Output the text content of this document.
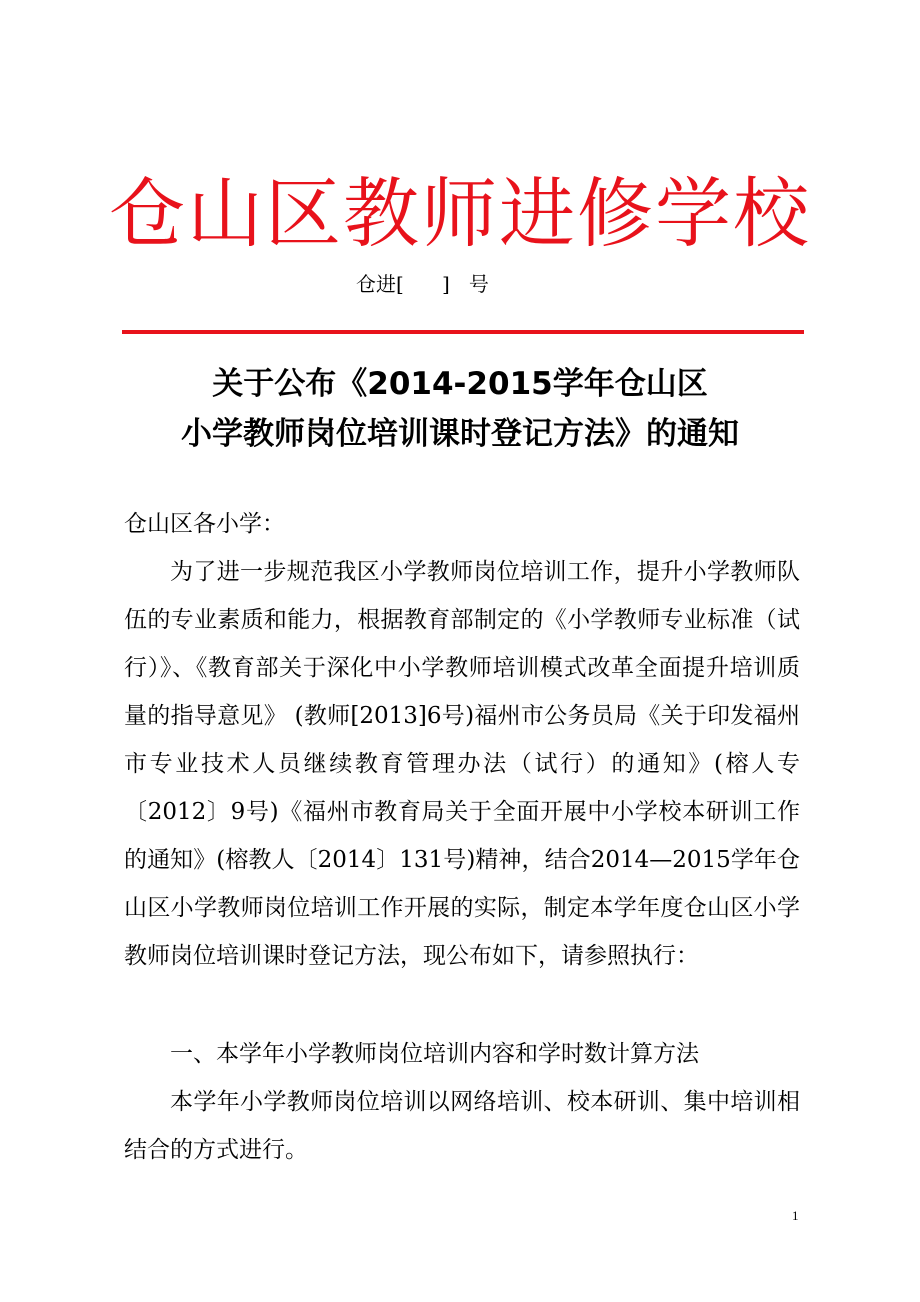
仓山区教师进修学校
仓进[      ]   号
关于公布《2014-2015学年仓山区
小学教师岗位培训课时登记方法》的通知
仓山区各小学：
为了进一步规范我区小学教师岗位培训工作，提升小学教师队伍的专业素质和能力，根据教育部制定的《小学教师专业标准（试行）》、《教育部关于深化中小学教师培训模式改革全面提升培训质量的指导意见》 (教师[2013]6号)福州市公务员局《关于印发福州市专业技术人员继续教育管理办法（试行）的通知》(榕人专〔2012〕9号)《福州市教育局关于全面开展中小学校本研训工作的通知》(榕教人〔2014〕131号)精神，结合2014—2015学年仓山区小学教师岗位培训工作开展的实际，制定本学年度仓山区小学教师岗位培训课时登记方法，现公布如下，请参照执行：
一、本学年小学教师岗位培训内容和学时数计算方法
本学年小学教师岗位培训以网络培训、校本研训、集中培训相结合的方式进行。
1
